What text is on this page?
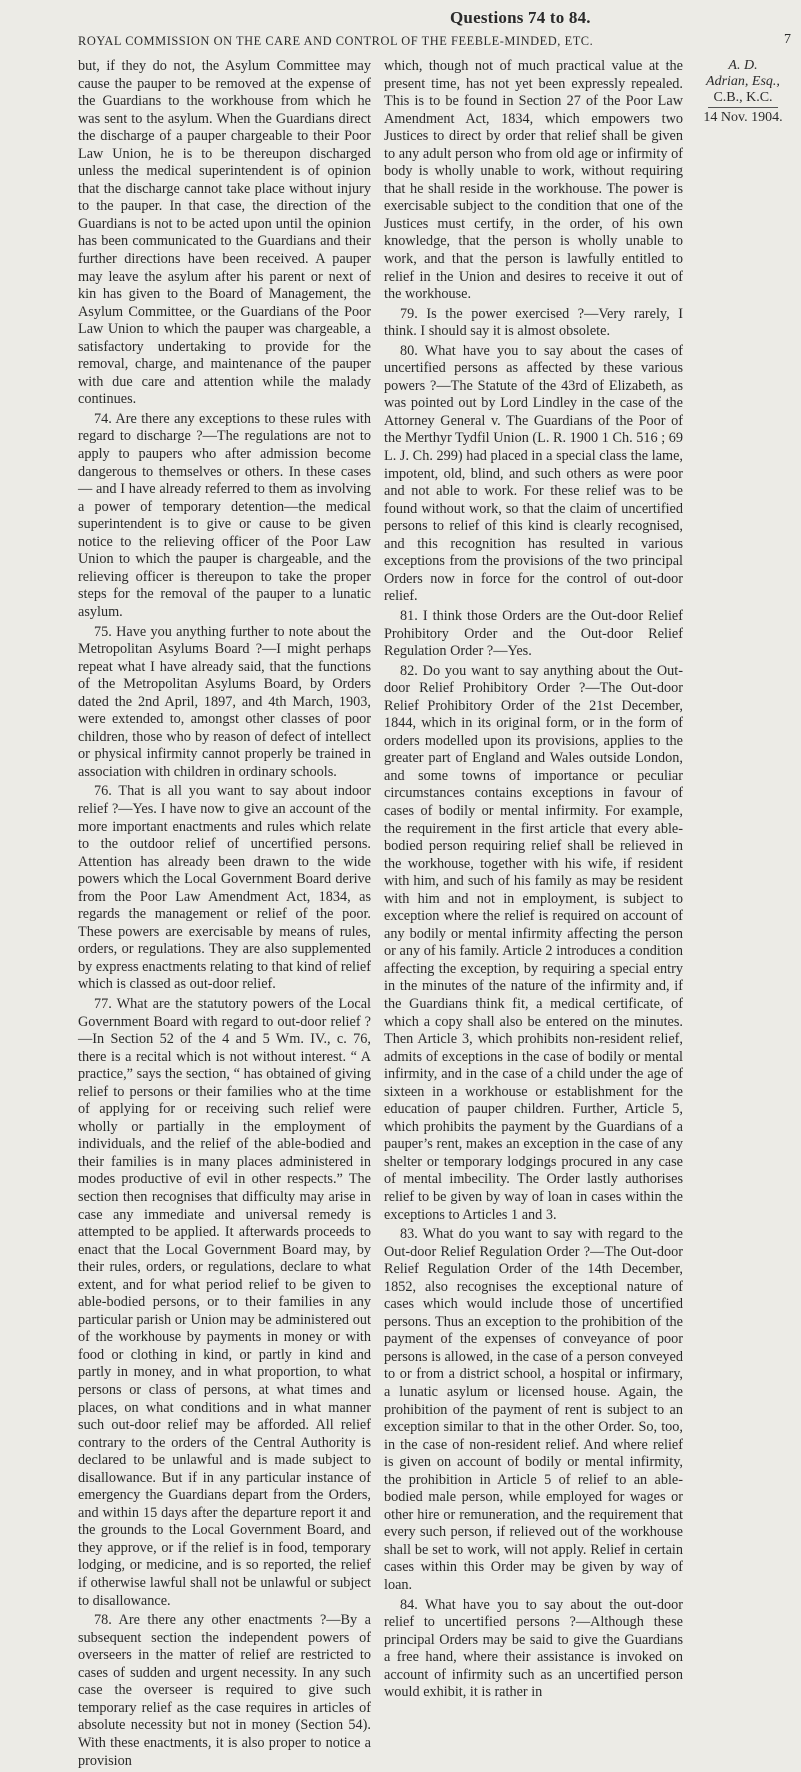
Questions 74 to 84.
ROYAL COMMISSION ON THE CARE AND CONTROL OF THE FEEBLE-MINDED, ETC.	7

but, if they do not, the Asylum Committee may cause the pauper to be removed at the expense of the Guardians to the workhouse from which he was sent to the asylum. When the Guardians direct the discharge of a pauper chargeable to their Poor Law Union, he is to be thereupon discharged unless the medical superintendent is of opinion that the discharge cannot take place without injury to the pauper. In that case, the direction of the Guardians is not to be acted upon until the opinion has been communicated to the Guardians and their further directions have been received. A pauper may leave the asylum after his parent or next of kin has given to the Board of Management, the Asylum Committee, or the Guardians of the Poor Law Union to which the pauper was chargeable, a satisfactory undertaking to provide for the removal, charge, and maintenance of the pauper with due care and attention while the malady continues.

74. Are there any exceptions to these rules with regard to discharge ?—The regulations are not to apply to paupers who after admission become dangerous to themselves or others. In these cases — and I have already referred to them as involving a power of temporary detention—the medical superintendent is to give or cause to be given notice to the relieving officer of the Poor Law Union to which the pauper is chargeable, and the relieving officer is thereupon to take the proper steps for the removal of the pauper to a lunatic asylum.

75. Have you anything further to note about the Metropolitan Asylums Board ?—I might perhaps repeat what I have already said, that the functions of the Metropolitan Asylums Board, by Orders dated the 2nd April, 1897, and 4th March, 1903, were extended to, amongst other classes of poor children, those who by reason of defect of intellect or physical infirmity cannot properly be trained in association with children in ordinary schools.

76. That is all you want to say about indoor relief ?—Yes. I have now to give an account of the more important enactments and rules which relate to the outdoor relief of uncertified persons. Attention has already been drawn to the wide powers which the Local Government Board derive from the Poor Law Amendment Act, 1834, as regards the management or relief of the poor. These powers are exercisable by means of rules, orders, or regulations. They are also supplemented by express enactments relating to that kind of relief which is classed as out-door relief.

77. What are the statutory powers of the Local Government Board with regard to out-door relief ?—In Section 52 of the 4 and 5 Wm. IV., c. 76, there is a recital which is not without interest. “ A practice,” says the section, “ has obtained of giving relief to persons or their families who at the time of applying for or receiving such relief were wholly or partially in the employment of individuals, and the relief of the able-bodied and their families is in many places administered in modes productive of evil in other respects.” The section then recognises that difficulty may arise in case any immediate and universal remedy is attempted to be applied. It afterwards proceeds to enact that the Local Government Board may, by their rules, orders, or regulations, declare to what extent, and for what period relief to be given to able-bodied persons, or to their families in any particular parish or Union may be administered out of the workhouse by payments in money or with food or clothing in kind, or partly in kind and partly in money, and in what proportion, to what persons or class of persons, at what times and places, on what conditions and in what manner such out-door relief may be afforded. All relief contrary to the orders of the Central Authority is declared to be unlawful and is made subject to disallowance. But if in any particular instance of emergency the Guardians depart from the Orders, and within 15 days after the departure report it and the grounds to the Local Government Board, and they approve, or if the relief is in food, temporary lodging, or medicine, and is so reported, the relief if otherwise lawful shall not be unlawful or subject to disallowance.

78. Are there any other enactments ?—By a subsequent section the independent powers of overseers in the matter of relief are restricted to cases of sudden and urgent necessity. In any such case the overseer is required to give such temporary relief as the case requires in articles of absolute necessity but not in money (Section 54). With these enactments, it is also proper to notice a provision

which, though not of much practical value at the present time, has not yet been expressly repealed. This is to be found in Section 27 of the Poor Law Amendment Act, 1834, which empowers two Justices to direct by order that relief shall be given to any adult person who from old age or infirmity of body is wholly unable to work, without requiring that he shall reside in the workhouse. The power is exercisable subject to the condition that one of the Justices must certify, in the order, of his own knowledge, that the person is wholly unable to work, and that the person is lawfully entitled to relief in the Union and desires to receive it out of the workhouse.

79. Is the power exercised ?—Very rarely, I think. I should say it is almost obsolete.

80. What have you to say about the cases of uncertified persons as affected by these various powers ?—The Statute of the 43rd of Elizabeth, as was pointed out by Lord Lindley in the case of the Attorney General v. The Guardians of the Poor of the Merthyr Tydfil Union (L. R. 1900 1 Ch. 516 ; 69 L. J. Ch. 299) had placed in a special class the lame, impotent, old, blind, and such others as were poor and not able to work. For these relief was to be found without work, so that the claim of uncertified persons to relief of this kind is clearly recognised, and this recognition has resulted in various exceptions from the provisions of the two principal Orders now in force for the control of out-door relief.

81. I think those Orders are the Out-door Relief Prohibitory Order and the Out-door Relief Regulation Order ?—Yes.

82. Do you want to say anything about the Out-door Relief Prohibitory Order ?—The Out-door Relief Prohibitory Order of the 21st December, 1844, which in its original form, or in the form of orders modelled upon its provisions, applies to the greater part of England and Wales outside London, and some towns of importance or peculiar circumstances contains exceptions in favour of cases of bodily or mental infirmity. For example, the requirement in the first article that every able-bodied person requiring relief shall be relieved in the workhouse, together with his wife, if resident with him, and such of his family as may be resident with him and not in employment, is subject to exception where the relief is required on account of any bodily or mental infirmity affecting the person or any of his family. Article 2 introduces a condition affecting the exception, by requiring a special entry in the minutes of the nature of the infirmity and, if the Guardians think fit, a medical certificate, of which a copy shall also be entered on the minutes. Then Article 3, which prohibits non-resident relief, admits of exceptions in the case of bodily or mental infirmity, and in the case of a child under the age of sixteen in a workhouse or establishment for the education of pauper children. Further, Article 5, which prohibits the payment by the Guardians of a pauper’s rent, makes an exception in the case of any shelter or temporary lodgings procured in any case of mental imbecility. The Order lastly authorises relief to be given by way of loan in cases within the exceptions to Articles 1 and 3.

83. What do you want to say with regard to the Out-door Relief Regulation Order ?—The Out-door Relief Regulation Order of the 14th December, 1852, also recognises the exceptional nature of cases which would include those of uncertified persons. Thus an exception to the prohibition of the payment of the expenses of conveyance of poor persons is allowed, in the case of a person conveyed to or from a district school, a hospital or infirmary, a lunatic asylum or licensed house. Again, the prohibition of the payment of rent is subject to an exception similar to that in the other Order. So, too, in the case of non-resident relief. And where relief is given on account of bodily or mental infirmity, the prohibition in Article 5 of relief to an able-bodied male person, while employed for wages or other hire or remuneration, and the requirement that every such person, if relieved out of the workhouse shall be set to work, will not apply. Relief in certain cases within this Order may be given by way of loan.

84. What have you to say about the out-door relief to uncertified persons ?—Although these principal Orders may be said to give the Guardians a free hand, where their assistance is invoked on account of infirmity such as an uncertified person would exhibit, it is rather in

A. D.
Adrian, Esq.,
C.B., K.C.
14 Nov. 1904.
